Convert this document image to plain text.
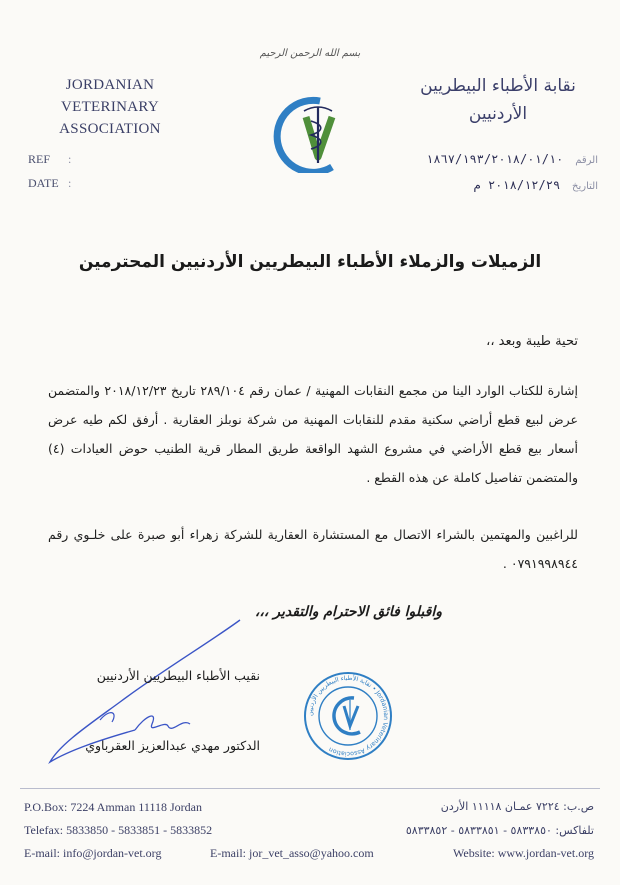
JORDANIAN VETERINARY
ASSOCIATION
بسم الله الرحمن الرحيم
نقابة الأطباء البيطريين
الأردنيين
REF :
DATE :
الرقم ١٨٦٧/١٩٣/٢٠١٨/٠١/١٠
التاريخ ٢٠١٨/١٢/٢٩ م
الزميلات والزملاء الأطباء البيطريين الأردنيين المحترمين
تحية طيبة وبعد ،،
إشارة للكتاب الوارد الينا من مجمع النقابات المهنية / عمان رقم ٢٨٩/١٠٤ تاريخ ٢٠١٨/١٢/٢٣ والمتضمن عرض لبيع قطع أراضي سكنية مقدم للنقابات المهنية من شركة نوبلز العقارية . أرفق لكم طيه عرض أسعار بيع قطع الأراضي في مشروع الشهد الواقعة طريق المطار قرية الطنيب حوض العيادات (٤) والمتضمن تفاصيل كاملة عن هذه القطع .
للراغبين والمهتمين بالشراء الاتصال مع المستشارة العقارية للشركة زهراء أبو صبرة على خلـوي رقم ٠٧٩١٩٩٨٩٤٤ .
واقبلوا فائق الاحترام والتقدير ،،،
نقيب الأطباء البيطريين الأردنيين
الدكتور مهدي عبدالعزيز العقرباوي
نقابة الأطباء البيطريين الأردنيين • Jordanian Veterinary Association
P.O.Box: 7224 Amman 11118 Jordan	ص.ب: ٧٢٢٤ عمـان ١١١١٨ الأردن
Telefax: 5833850 - 5833851 - 5833852	تلفاكس: ٥٨٣٣٨٥٠ - ٥٨٣٣٨٥١ - ٥٨٣٣٨٥٢
E-mail: info@jordan-vet.org	E-mail: jor_vet_asso@yahoo.com	Website: www.jordan-vet.org
